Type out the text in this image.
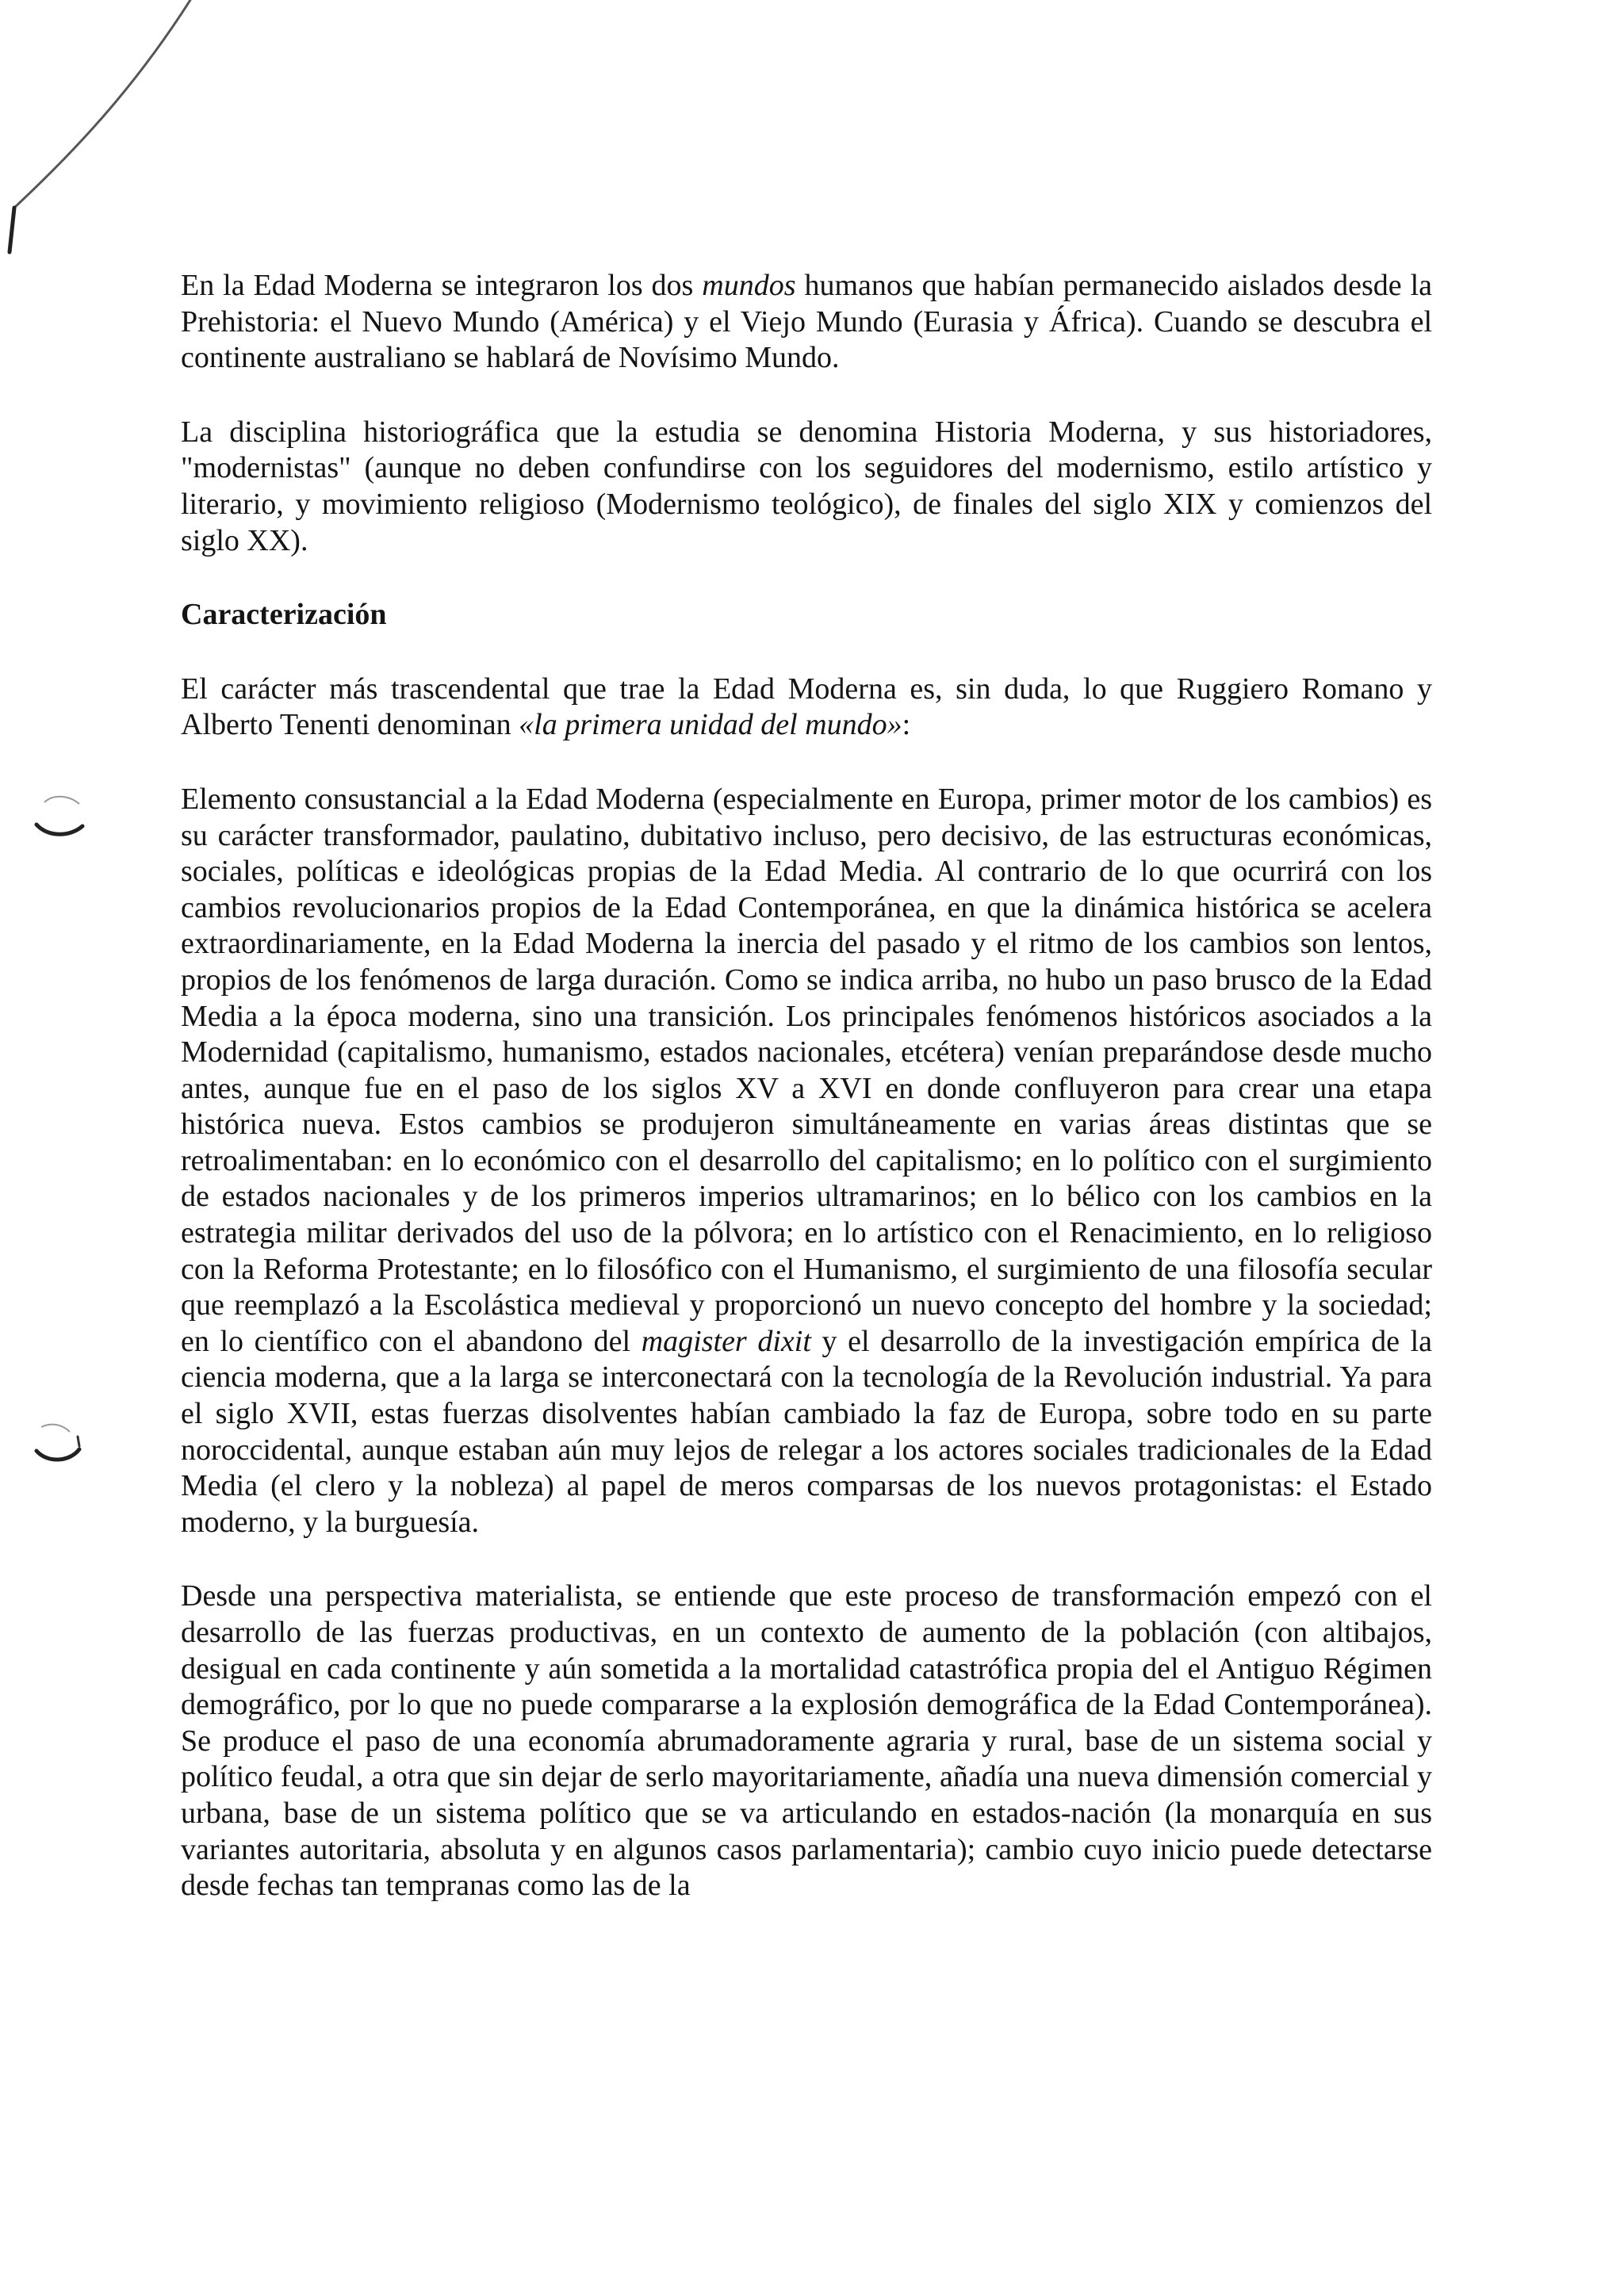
En la Edad Moderna se integraron los dos mundos humanos que habían permanecido aislados desde la Prehistoria: el Nuevo Mundo (América) y el Viejo Mundo (Eurasia y África). Cuando se descubra el continente australiano se hablará de Novísimo Mundo.

La disciplina historiográfica que la estudia se denomina Historia Moderna, y sus historiadores, "modernistas" (aunque no deben confundirse con los seguidores del modernismo, estilo artístico y literario, y movimiento religioso (Modernismo teológico), de finales del siglo XIX y comienzos del siglo XX).

Caracterización

El carácter más trascendental que trae la Edad Moderna es, sin duda, lo que Ruggiero Romano y Alberto Tenenti denominan «la primera unidad del mundo»:

Elemento consustancial a la Edad Moderna (especialmente en Europa, primer motor de los cambios) es su carácter transformador, paulatino, dubitativo incluso, pero decisivo, de las estructuras económicas, sociales, políticas e ideológicas propias de la Edad Media. Al contrario de lo que ocurrirá con los cambios revolucionarios propios de la Edad Contemporánea, en que la dinámica histórica se acelera extraordinariamente, en la Edad Moderna la inercia del pasado y el ritmo de los cambios son lentos, propios de los fenómenos de larga duración. Como se indica arriba, no hubo un paso brusco de la Edad Media a la época moderna, sino una transición. Los principales fenómenos históricos asociados a la Modernidad (capitalismo, humanismo, estados nacionales, etcétera) venían preparándose desde mucho antes, aunque fue en el paso de los siglos XV a XVI en donde confluyeron para crear una etapa histórica nueva. Estos cambios se produjeron simultáneamente en varias áreas distintas que se retroalimentaban: en lo económico con el desarrollo del capitalismo; en lo político con el surgimiento de estados nacionales y de los primeros imperios ultramarinos; en lo bélico con los cambios en la estrategia militar derivados del uso de la pólvora; en lo artístico con el Renacimiento, en lo religioso con la Reforma Protestante; en lo filosófico con el Humanismo, el surgimiento de una filosofía secular que reemplazó a la Escolástica medieval y proporcionó un nuevo concepto del hombre y la sociedad; en lo científico con el abandono del magister dixit y el desarrollo de la investigación empírica de la ciencia moderna, que a la larga se interconectará con la tecnología de la Revolución industrial. Ya para el siglo XVII, estas fuerzas disolventes habían cambiado la faz de Europa, sobre todo en su parte noroccidental, aunque estaban aún muy lejos de relegar a los actores sociales tradicionales de la Edad Media (el clero y la nobleza) al papel de meros comparsas de los nuevos protagonistas: el Estado moderno, y la burguesía.

Desde una perspectiva materialista, se entiende que este proceso de transformación empezó con el desarrollo de las fuerzas productivas, en un contexto de aumento de la población (con altibajos, desigual en cada continente y aún sometida a la mortalidad catastrófica propia del el Antiguo Régimen demográfico, por lo que no puede compararse a la explosión demográfica de la Edad Contemporánea). Se produce el paso de una economía abrumadoramente agraria y rural, base de un sistema social y político feudal, a otra que sin dejar de serlo mayoritariamente, añadía una nueva dimensión comercial y urbana, base de un sistema político que se va articulando en estados-nación (la monarquía en sus variantes autoritaria, absoluta y en algunos casos parlamentaria); cambio cuyo inicio puede detectarse desde fechas tan tempranas como las de la
